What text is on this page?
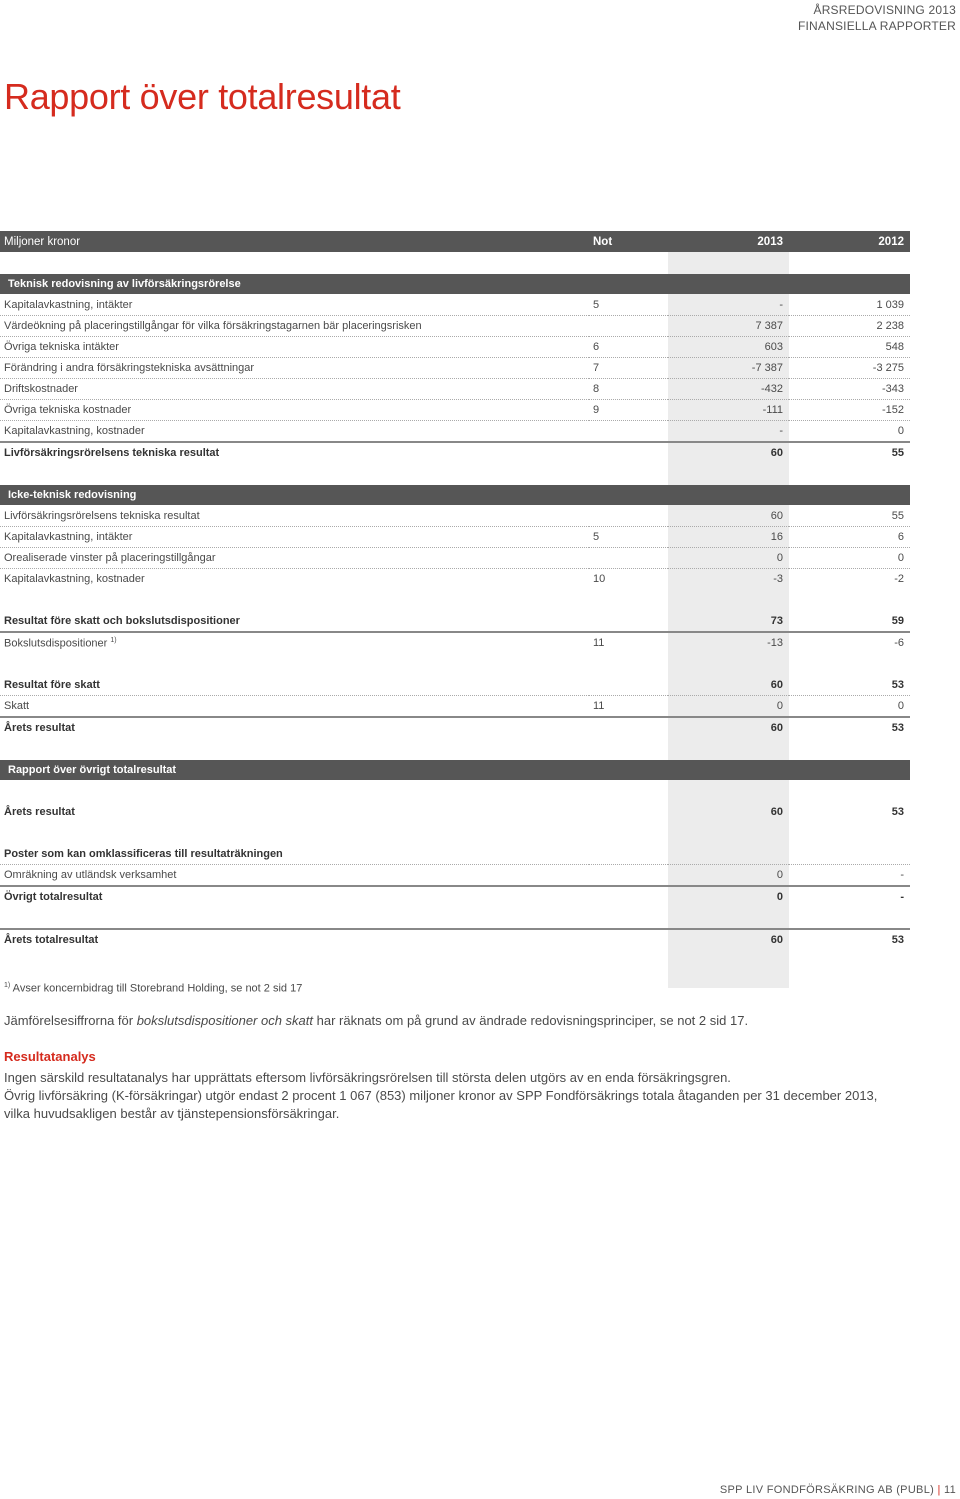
ÅRSREDOVISNING 2013
FINANSIELLA RAPPORTER
Rapport över totalresultat
Miljoner kronor	Not	2013	2012

Teknisk redovisning av livförsäkringsrörelse			
Kapitalavkastning, intäkter	5	-	1 039
Värdeökning på placeringstillgångar för vilka försäkringstagarnen bär placeringsrisken		7 387	2 238
Övriga tekniska intäkter	6	603	548
Förändring i andra försäkringstekniska avsättningar	7	-7 387	-3 275
Driftskostnader	8	-432	-343
Övriga tekniska kostnader	9	-111	-152
Kapitalavkastning, kostnader		-	0
Livförsäkringsrörelsens tekniska resultat		60	55

Icke-teknisk redovisning			
Livförsäkringsrörelsens tekniska resultat		60	55
Kapitalavkastning, intäkter	5	16	6
Orealiserade vinster på placeringstillgångar		0	0
Kapitalavkastning, kostnader	10	-3	-2

Resultat före skatt och bokslutsdispositioner		73	59
Bokslutsdispositioner $^{1)}$	11	-13	-6

Resultat före skatt		60	53
Skatt	11	0	0
Årets resultat		60	53

Rapport över övrigt totalresultat			

Årets resultat		60	53

Poster som kan omklassificeras till resultaträkningen			
Omräkning av utländsk verksamhet		0	-
Övrigt totalresultat		0	-

Årets totalresultat		60	53
$^{1)}$ Avser koncernbidrag till Storebrand Holding, se not 2 sid 17
Jämförelsesiffrorna för bokslutsdispositioner och skatt har räknats om på grund av ändrade redovisningsprinciper, se not 2 sid 17.
Resultatanalys
Ingen särskild resultatanalys har upprättats eftersom livförsäkringsrörelsen till största delen utgörs av en enda försäkringsgren.
Övrig livförsäkring (K-försäkringar) utgör endast 2 procent 1 067 (853) miljoner kronor av SPP Fondförsäkrings totala åtaganden per 31 december 2013, vilka huvudsakligen består av tjänstepensionsförsäkringar.
SPP LIV FONDFÖRSÄKRING AB (PUBL) | 11
